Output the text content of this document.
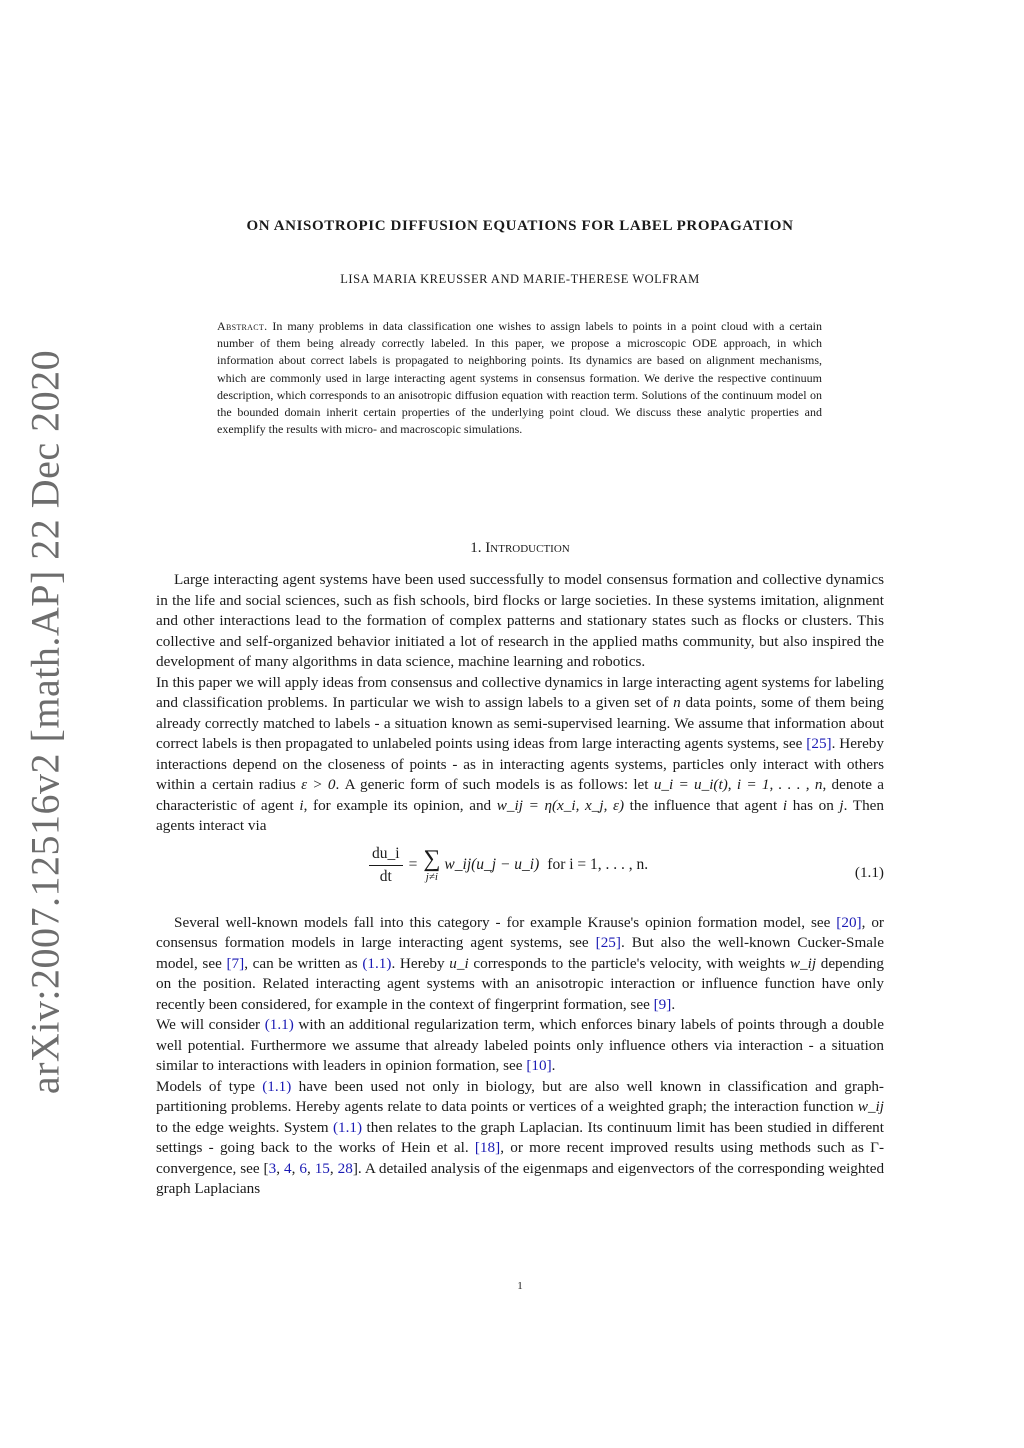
arXiv:2007.12516v2 [math.AP] 22 Dec 2020
ON ANISOTROPIC DIFFUSION EQUATIONS FOR LABEL PROPAGATION
LISA MARIA KREUSSER AND MARIE-THERESE WOLFRAM
Abstract. In many problems in data classification one wishes to assign labels to points in a point cloud with a certain number of them being already correctly labeled. In this paper, we propose a microscopic ODE approach, in which information about correct labels is propagated to neighboring points. Its dynamics are based on alignment mechanisms, which are commonly used in large interacting agent systems in consensus formation. We derive the respective continuum description, which corresponds to an anisotropic diffusion equation with reaction term. Solutions of the continuum model on the bounded domain inherit certain properties of the underlying point cloud. We discuss these analytic properties and exemplify the results with micro- and macroscopic simulations.
1. Introduction

Large interacting agent systems have been used successfully to model consensus formation and collective dynamics in the life and social sciences, such as fish schools, bird flocks or large societies. In these systems imitation, alignment and other interactions lead to the formation of complex patterns and stationary states such as flocks or clusters. This collective and self-organized behavior initiated a lot of research in the applied maths community, but also inspired the development of many algorithms in data science, machine learning and robotics.

In this paper we will apply ideas from consensus and collective dynamics in large interacting agent systems for labeling and classification problems. In particular we wish to assign labels to a given set of n data points, some of them being already correctly matched to labels - a situation known as semi-supervised learning. We assume that information about correct labels is then propagated to unlabeled points using ideas from large interacting agents systems, see [25]. Hereby interactions depend on the closeness of points - as in interacting agents systems, particles only interact with others within a certain radius ε > 0. A generic form of such models is as follows: let u_i = u_i(t), i = 1, . . . , n, denote a characteristic of agent i, for example its opinion, and w_ij = η(x_i, x_j, ε) the influence that agent i has on j. Then agents interact via

$\frac{du\_i}{dt}$ = ∑
j≠i
w_ij(u_j − u_i) for i = 1, . . . , n.	(1.1)

Several well-known models fall into this category - for example Krause's opinion formation model, see [20], or consensus formation models in large interacting agent systems, see [25]. But also the well-known Cucker-Smale model, see [7], can be written as (1.1). Hereby u_i corresponds to the particle's velocity, with weights w_ij depending on the position. Related interacting agent systems with an anisotropic interaction or influence function have only recently been considered, for example in the context of fingerprint formation, see [9].

We will consider (1.1) with an additional regularization term, which enforces binary labels of points through a double well potential. Furthermore we assume that already labeled points only influence others via interaction - a situation similar to interactions with leaders in opinion formation, see [10].

Models of type (1.1) have been used not only in biology, but are also well known in classification and graph-partitioning problems. Hereby agents relate to data points or vertices of a weighted graph; the interaction function w_ij to the edge weights. System (1.1) then relates to the graph Laplacian. Its continuum limit has been studied in different settings - going back to the works of Hein et al. [18], or more recent improved results using methods such as Γ-convergence, see [3, 4, 6, 15, 28]. A detailed analysis of the eigenmaps and eigenvectors of the corresponding weighted graph Laplacians

1
